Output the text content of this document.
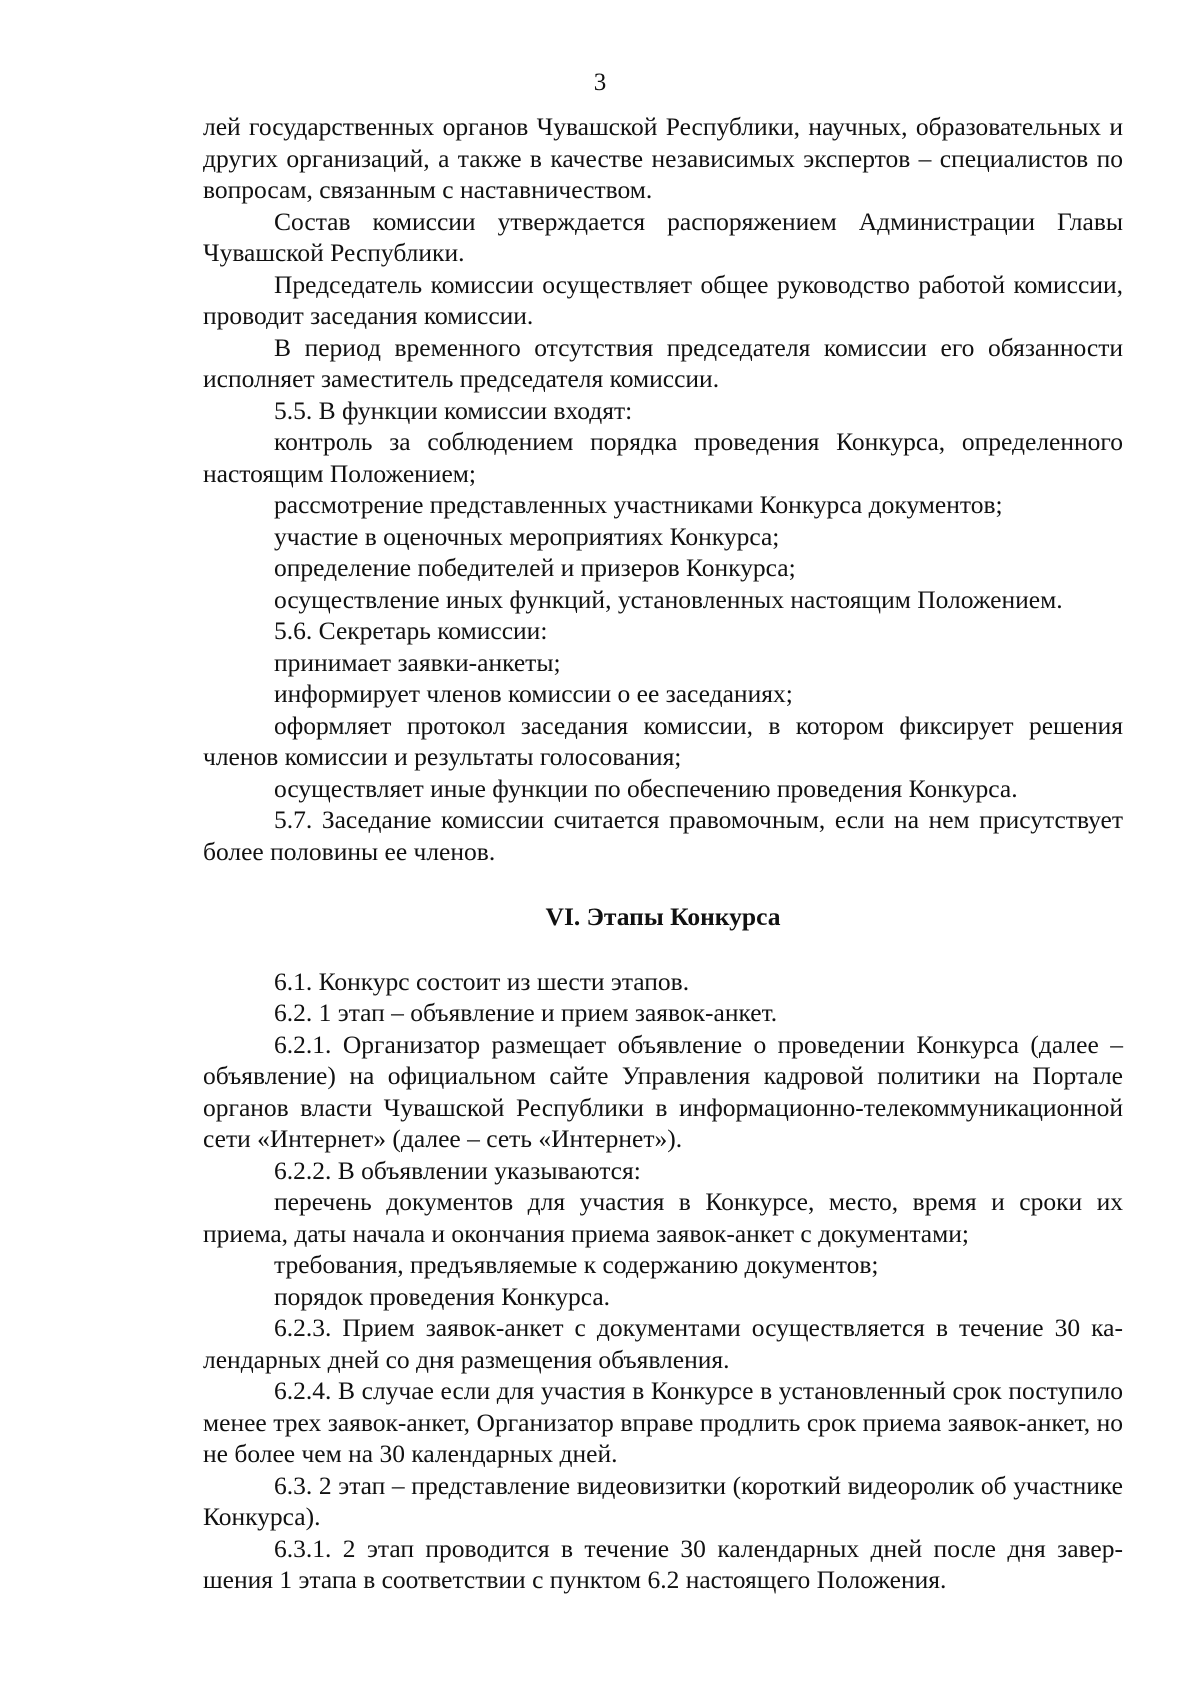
3

лей государственных органов Чувашской Республики, научных, образовательных и других организаций, а также в качестве независимых экспертов – специалистов по вопросам, связанным с наставничеством.

Состав комиссии утверждается распоряжением Администрации Главы Чувашской Республики.

Председатель комиссии осуществляет общее руководство работой комиссии, проводит заседания комиссии.

В период временного отсутствия председателя комиссии его обязанности исполняет заместитель председателя комиссии.

5.5. В функции комиссии входят:

контроль за соблюдением порядка проведения Конкурса, определенного настоящим Положением;

рассмотрение представленных участниками Конкурса документов;

участие в оценочных мероприятиях Конкурса;

определение победителей и призеров Конкурса;

осуществление иных функций, установленных настоящим Положением.

5.6. Секретарь комиссии:

принимает заявки-анкеты;

информирует членов комиссии о ее заседаниях;

оформляет протокол заседания комиссии, в котором фиксирует решения членов комиссии и результаты голосования;

осуществляет иные функции по обеспечению проведения Конкурса.

5.7. Заседание комиссии считается правомочным, если на нем присутствует более половины ее членов.

VI. Этапы Конкурса

6.1. Конкурс состоит из шести этапов.

6.2. 1 этап – объявление и прием заявок-анкет.

6.2.1. Организатор размещает объявление о проведении Конкурса (далее – объявление) на официальном сайте Управления кадровой политики на Портале органов власти Чувашской Республики в информационно-телекоммуникационной сети «Интернет» (далее – сеть «Интернет»).

6.2.2. В объявлении указываются:

перечень документов для участия в Конкурсе, место, время и сроки их приема, даты начала и окончания приема заявок-анкет с документами;

требования, предъявляемые к содержанию документов;

порядок проведения Конкурса.

6.2.3. Прием заявок-анкет с документами осуществляется в течение 30 календарных дней со дня размещения объявления.

6.2.4. В случае если для участия в Конкурсе в установленный срок поступило менее трех заявок-анкет, Организатор вправе продлить срок приема заявок-анкет, но не более чем на 30 календарных дней.

6.3. 2 этап – представление видеовизитки (короткий видеоролик об участнике Конкурса).

6.3.1. 2 этап проводится в течение 30 календарных дней после дня завершения 1 этапа в соответствии с пунктом 6.2 настоящего Положения.
